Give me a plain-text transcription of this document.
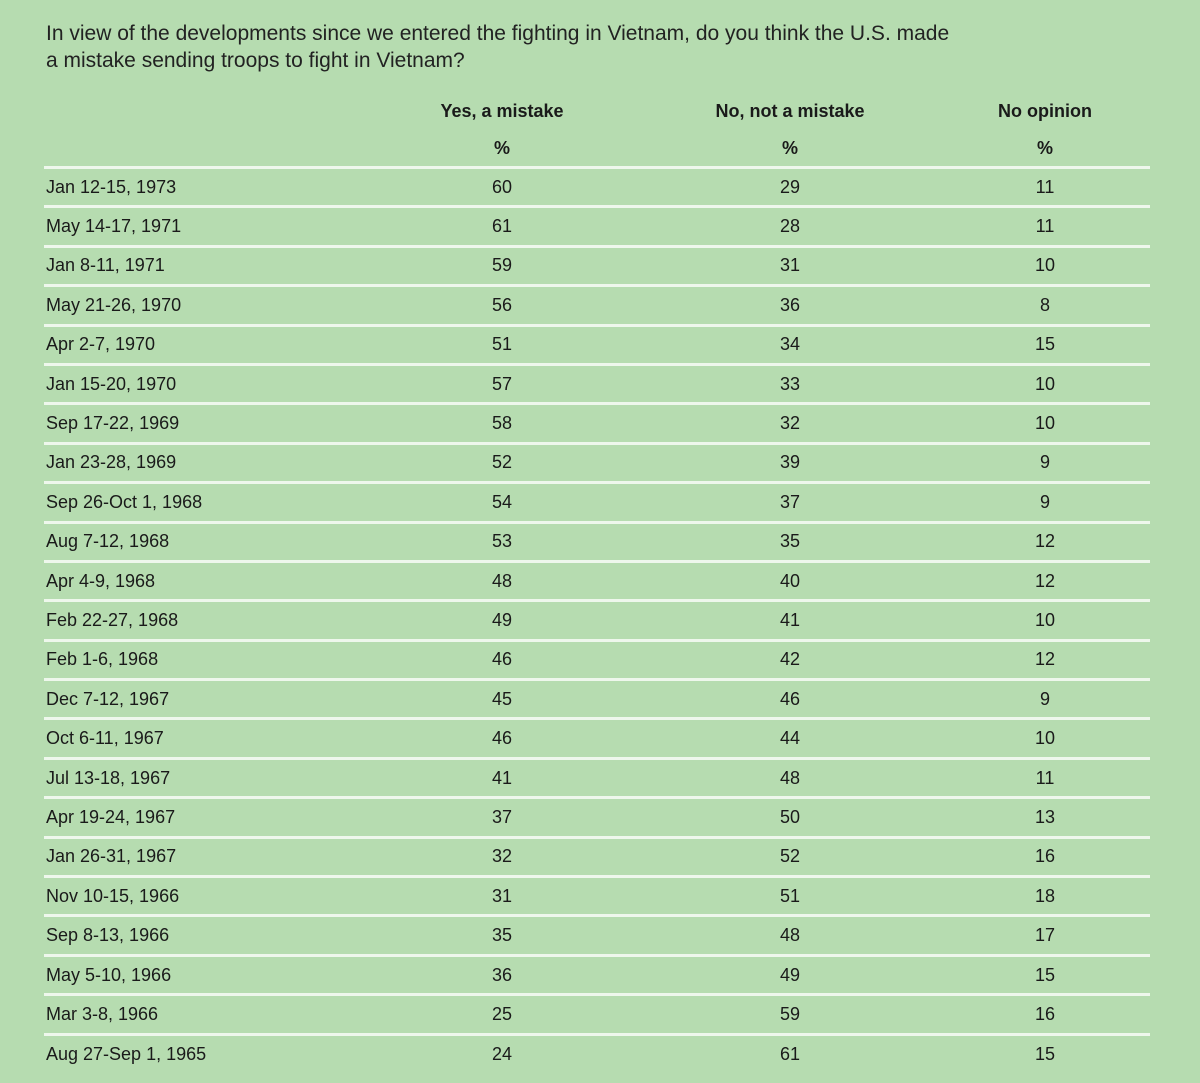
In view of the developments since we entered the fighting in Vietnam, do you think the U.S. made a mistake sending troops to fight in Vietnam?
	Yes, a mistake	No, not a mistake	No opinion
	%	%	%
Jan 12-15, 1973	60	29	11
May 14-17, 1971	61	28	11
Jan 8-11, 1971	59	31	10
May 21-26, 1970	56	36	8
Apr 2-7, 1970	51	34	15
Jan 15-20, 1970	57	33	10
Sep 17-22, 1969	58	32	10
Jan 23-28, 1969	52	39	9
Sep 26-Oct 1, 1968	54	37	9
Aug 7-12, 1968	53	35	12
Apr 4-9, 1968	48	40	12
Feb 22-27, 1968	49	41	10
Feb 1-6, 1968	46	42	12
Dec 7-12, 1967	45	46	9
Oct 6-11, 1967	46	44	10
Jul 13-18, 1967	41	48	11
Apr 19-24, 1967	37	50	13
Jan 26-31, 1967	32	52	16
Nov 10-15, 1966	31	51	18
Sep 8-13, 1966	35	48	17
May 5-10, 1966	36	49	15
Mar 3-8, 1966	25	59	16
Aug 27-Sep 1, 1965	24	61	15
